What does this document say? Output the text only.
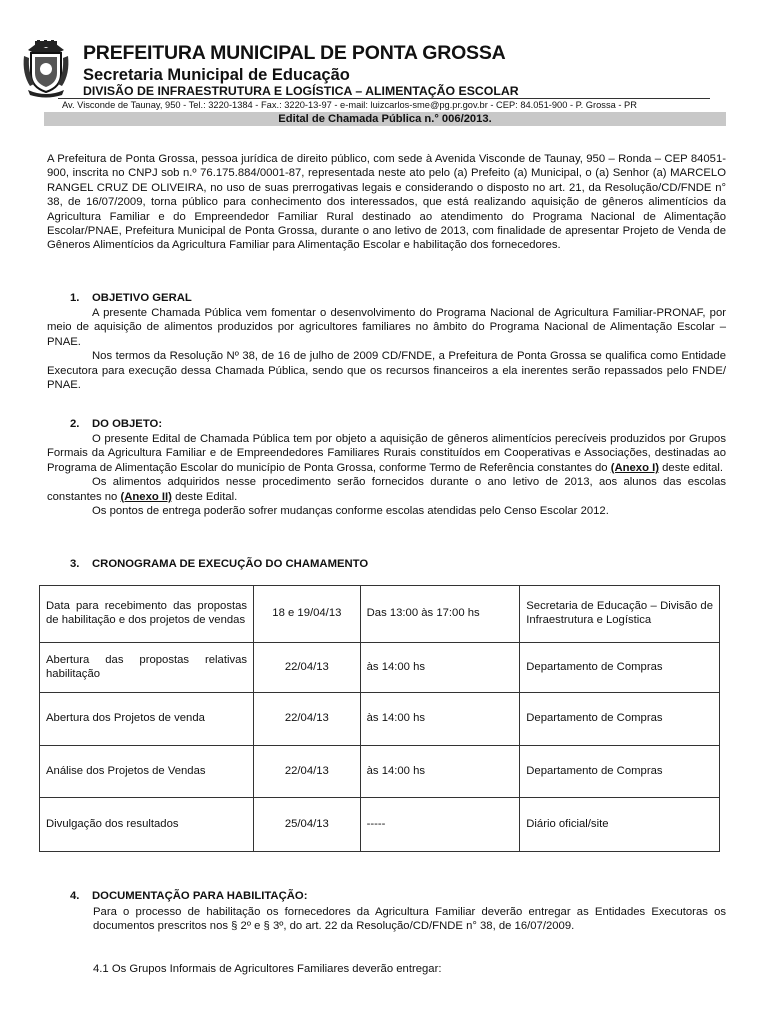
PREFEITURA MUNICIPAL DE PONTA GROSSA
Secretaria Municipal de Educação
DIVISÃO DE INFRAESTRUTURA E LOGÍSTICA – ALIMENTAÇÃO ESCOLAR
Av. Visconde de Taunay, 950 - Tel.: 3220-1384 - Fax.: 3220-13-97 - e-mail: luizcarlos-sme@pg.pr.gov.br - CEP: 84.051-900 - P. Grossa - PR
Edital de Chamada Pública n.° 006/2013.
A Prefeitura de Ponta Grossa, pessoa jurídica de direito público, com sede à Avenida Visconde de Taunay, 950 – Ronda – CEP 84051-900, inscrita no CNPJ sob n.º 76.175.884/0001-87, representada neste ato pelo (a) Prefeito (a) Municipal, o (a) Senhor (a) MARCELO RANGEL CRUZ DE OLIVEIRA, no uso de suas prerrogativas legais e considerando o disposto no art. 21, da Resolução/CD/FNDE n° 38, de 16/07/2009, torna público para conhecimento dos interessados, que está realizando aquisição de gêneros alimentícios da Agricultura Familiar e do Empreendedor Familiar Rural destinado ao atendimento do Programa Nacional de Alimentação Escolar/PNAE, Prefeitura Municipal de Ponta Grossa, durante o ano letivo de 2013, com finalidade de apresentar Projeto de Venda de Gêneros Alimentícios da Agricultura Familiar para Alimentação Escolar e habilitação dos fornecedores.
1. OBJETIVO GERAL

A presente Chamada Pública vem fomentar o desenvolvimento do Programa Nacional de Agricultura Familiar-PRONAF, por meio de aquisição de alimentos produzidos por agricultores familiares no âmbito do Programa Nacional de Alimentação Escolar – PNAE.

Nos termos da Resolução Nº 38, de 16 de julho de 2009 CD/FNDE, a Prefeitura de Ponta Grossa se qualifica como Entidade Executora para execução dessa Chamada Pública, sendo que os recursos financeiros a ela inerentes serão repassados pelo FNDE/ PNAE.

2. DO OBJETO:

O presente Edital de Chamada Pública tem por objeto a aquisição de gêneros alimentícios perecíveis produzidos por Grupos Formais da Agricultura Familiar e de Empreendedores Familiares Rurais constituídos em Cooperativas e Associações, destinadas ao Programa de Alimentação Escolar do município de Ponta Grossa, conforme Termo de Referência constantes do (Anexo I) deste edital.

Os alimentos adquiridos nesse procedimento serão fornecidos durante o ano letivo de 2013, aos alunos das escolas constantes no (Anexo II) deste Edital.

Os pontos de entrega poderão sofrer mudanças conforme escolas atendidas pelo Censo Escolar 2012.

3. CRONOGRAMA DE EXECUÇÃO DO CHAMAMENTO
Data para recebimento das propostas de habilitação e dos projetos de vendas	18 e 19/04/13	Das 13:00 às 17:00 hs	Secretaria de Educação – Divisão de Infraestrutura e Logística
Abertura das propostas relativas habilitação	22/04/13	às 14:00 hs	Departamento de Compras
Abertura dos Projetos de venda	22/04/13	às 14:00 hs	Departamento de Compras
Análise dos Projetos de Vendas	22/04/13	às 14:00 hs	Departamento de Compras
Divulgação dos resultados	25/04/13	-----	Diário oficial/site
4. DOCUMENTAÇÃO PARA HABILITAÇÃO:
Para o processo de habilitação os fornecedores da Agricultura Familiar deverão entregar as Entidades Executoras os documentos prescritos nos § 2º e § 3º, do art. 22 da Resolução/CD/FNDE n° 38, de 16/07/2009.
4.1 Os Grupos Informais de Agricultores Familiares deverão entregar:
